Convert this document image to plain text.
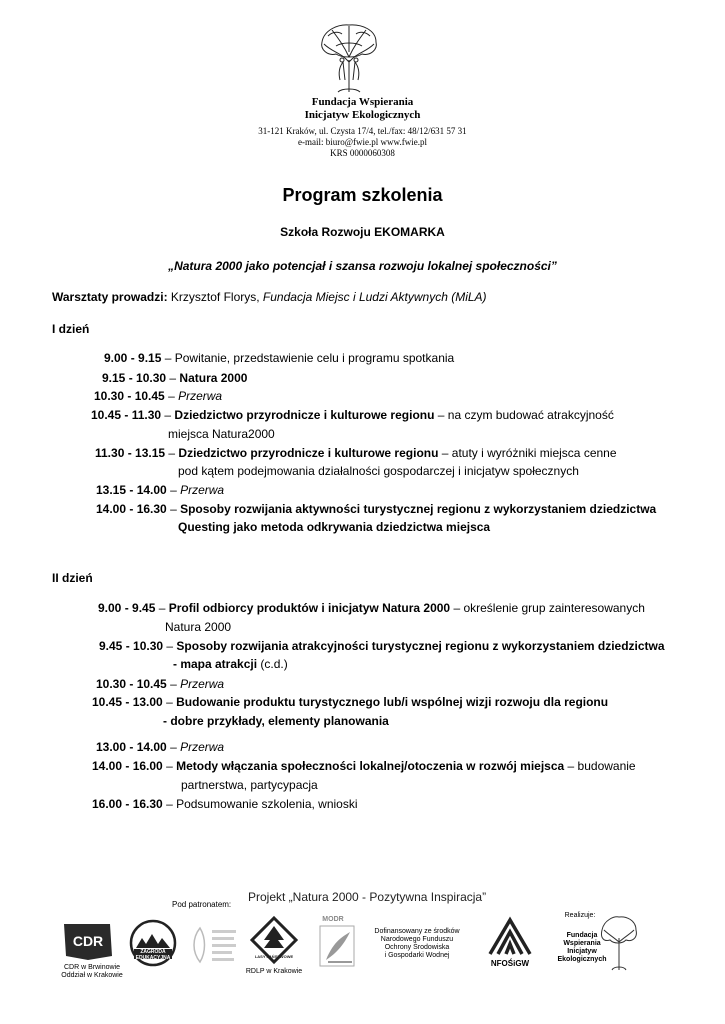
Fundacja Wspierania
Inicjatyw Ekologicznych
31-121 Kraków, ul. Czysta 17/4, tel./fax: 48/12/631 57 31
e-mail: biuro@fwie.pl www.fwie.pl
KRS 0000060308
Program szkolenia
Szkoła Rozwoju EKOMARKA
„Natura 2000 jako potencjał i szansa rozwoju lokalnej społeczności”
Warsztaty prowadzi: Krzysztof Florys, Fundacja Miejsc i Ludzi Aktywnych (MiLA)
I dzień
9.00 - 9.15 – Powitanie, przedstawienie celu i programu spotkania
9.15 - 10.30 – Natura 2000
10.30 - 10.45 – Przerwa
10.45 - 11.30 – Dziedzictwo przyrodnicze i kulturowe regionu – na czym budować atrakcyjność
miejsca Natura2000
11.30 - 13.15 – Dziedzictwo przyrodnicze i kulturowe regionu – atuty i wyróżniki miejsca cenne
pod kątem podejmowania działalności gospodarczej i inicjatyw społecznych
13.15 - 14.00 – Przerwa
14.00 - 16.30 – Sposoby rozwijania aktywności turystycznej regionu z wykorzystaniem dziedzictwa
Questing jako metoda odkrywania dziedzictwa miejsca
II dzień
9.00 - 9.45 – Profil odbiorcy produktów i inicjatyw Natura 2000 – określenie grup zainteresowanych
Natura 2000
9.45 - 10.30 – Sposoby rozwijania atrakcyjności turystycznej regionu z wykorzystaniem dziedzictwa
- mapa atrakcji (c.d.)
10.30 - 10.45 – Przerwa
10.45 - 13.00 – Budowanie produktu turystycznego lub/i wspólnej wizji rozwoju dla regionu
- dobre przykłady, elementy planowania
13.00 - 14.00 – Przerwa
14.00 - 16.00 – Metody włączania społeczności lokalnej/otoczenia w rozwój miejsca – budowanie
partnerstwa, partycypacja
16.00 - 16.30 – Podsumowanie szkolenia, wnioski
Projekt „Natura 2000 - Pozytywna Inspiracja”
Pod patronatem:
CDR
CDR w Brwinowie
Oddział w Krakowie
ZAGRODA
EDUKACYJNA	LASY PAŃSTWOWE
RDLP w Krakowie
MODR
Dofinansowany ze środków
Narodowego Funduszu
Ochrony Środowiska
i Gospodarki Wodnej
NFOŚiGW
Realizuje:
Fundacja
Wspierania
Inicjatyw
Ekologicznych
